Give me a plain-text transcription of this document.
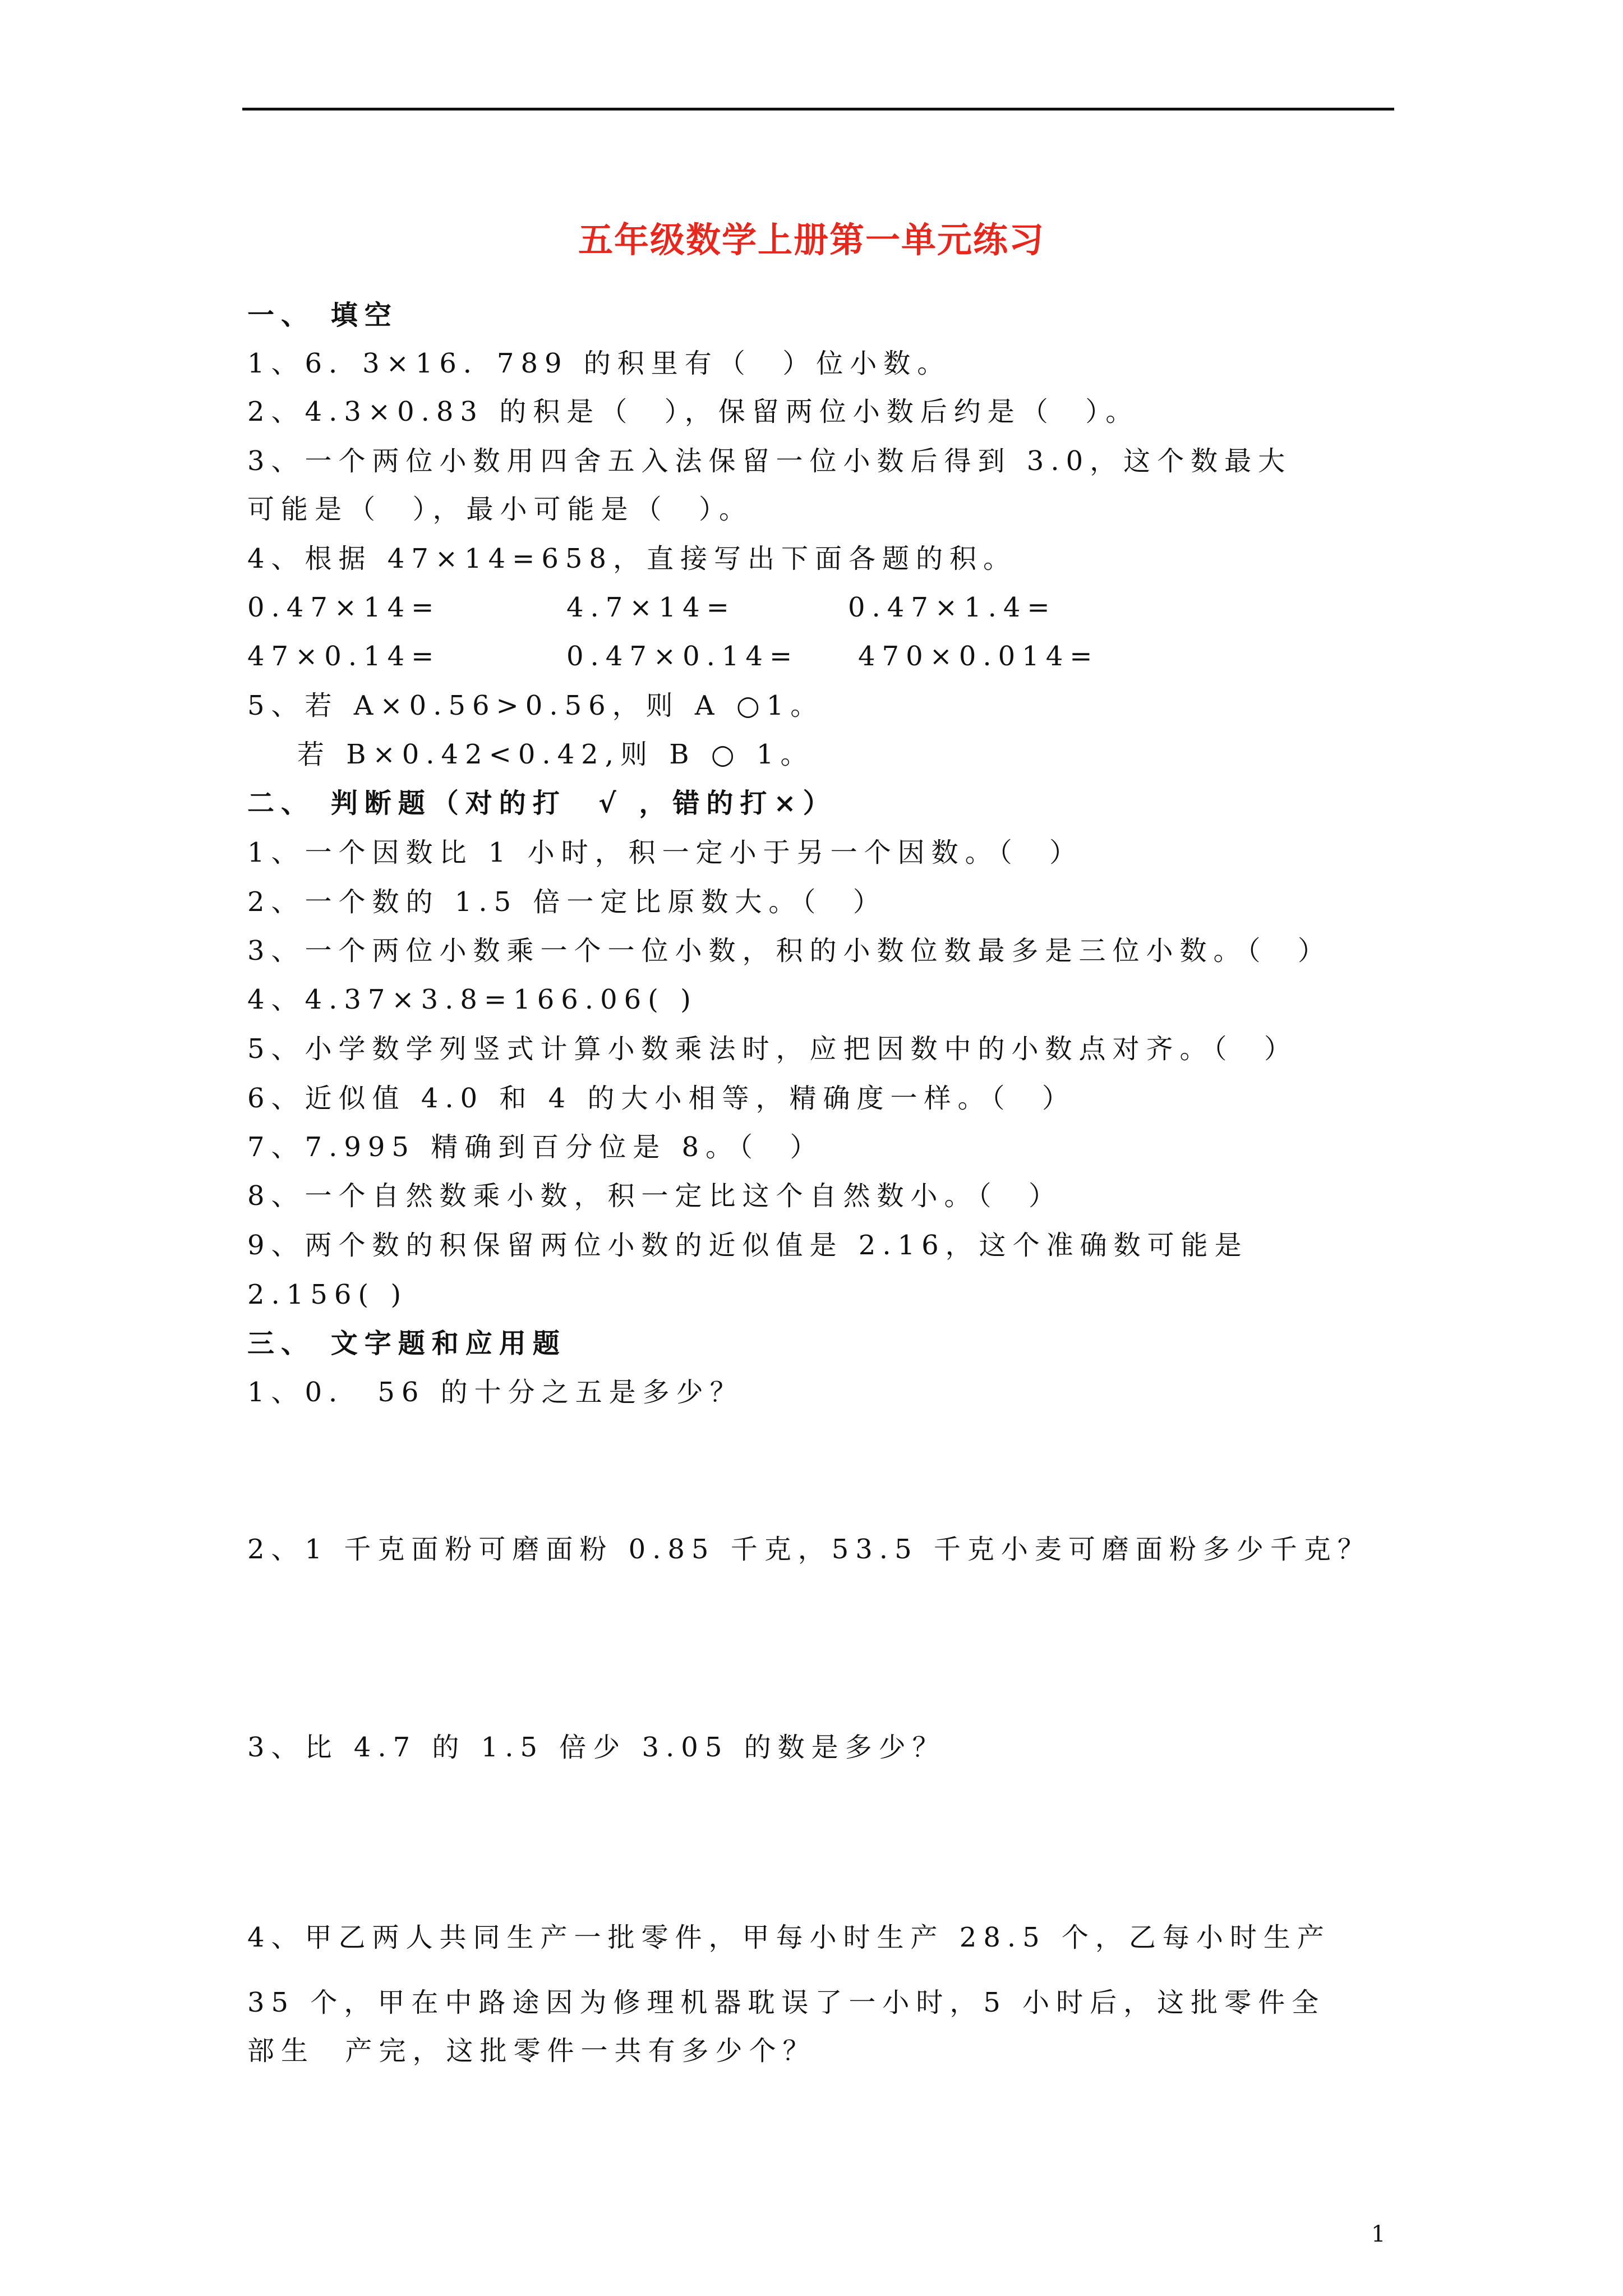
五年级数学上册第一单元练习
一、 填空
1、6．3×16．789 的积里有（  ）位小数。
2、4.3×0.83 的积是（  ），保留两位小数后约是（  ）。
3、一个两位小数用四舍五入法保留一位小数后得到 3.0，这个数最大
可能是（  ），最小可能是（  ）。
4、根据 47×14=658，直接写出下面各题的积。
0.47×14=	4.7×14=	0.47×1.4=
47×0.14=	0.47×0.14= 470×0.014=
5、若 A×0.56>0.56，则 A ○1。
若 B×0.42<0.42,则 B ○ 1。
二、 判断题（对的打  √ ，错的打×）
1、一个因数比 1 小时，积一定小于另一个因数。（  ）
2、一个数的 1.5 倍一定比原数大。（  ）
3、一个两位小数乘一个一位小数，积的小数位数最多是三位小数。（  ）
4、4.37×3.8=166.06( )
5、小学数学列竖式计算小数乘法时，应把因数中的小数点对齐。（  ）
6、近似值 4.0 和 4 的大小相等，精确度一样。（  ）
7、7.995 精确到百分位是 8。（  ）
8、一个自然数乘小数，积一定比这个自然数小。（  ）
9、两个数的积保留两位小数的近似值是 2.16，这个准确数可能是
2.156( )
三、 文字题和应用题
1、0． 56 的十分之五是多少？
2、1 千克面粉可磨面粉 0.85 千克，53.5 千克小麦可磨面粉多少千克？
3、比 4.7 的 1.5 倍少 3.05 的数是多少？
4、甲乙两人共同生产一批零件，甲每小时生产 28.5 个，乙每小时生产
35 个，甲在中路途因为修理机器耽误了一小时，5 小时后，这批零件全
部生  产完，这批零件一共有多少个？
1
